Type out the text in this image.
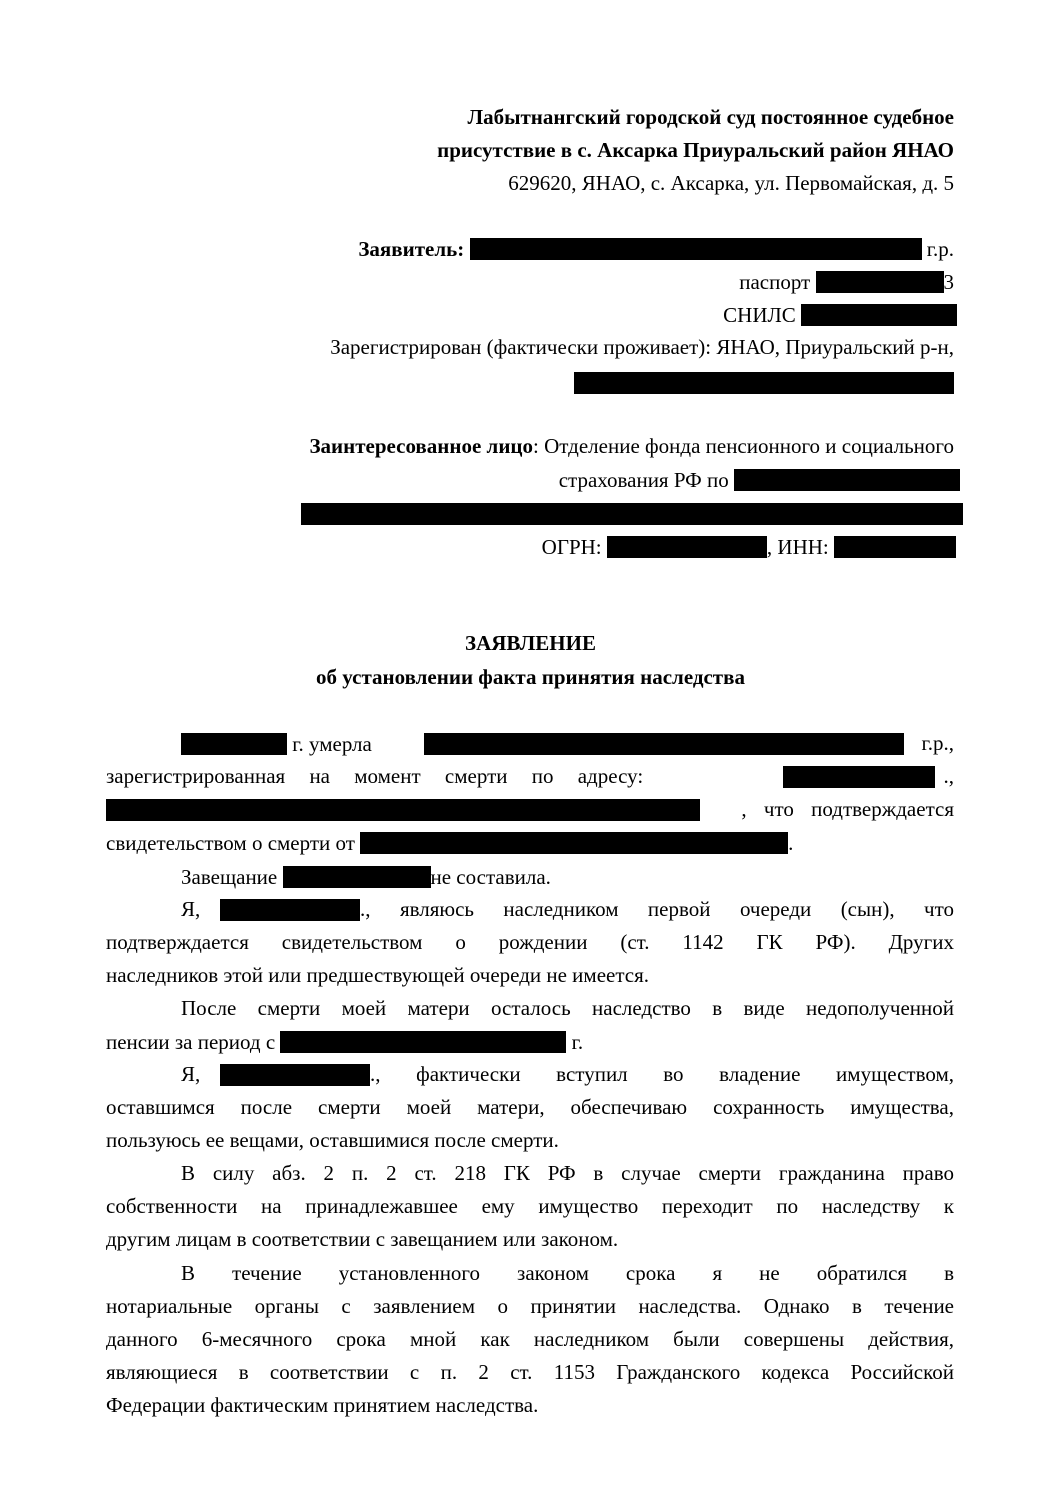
Лабытнангский городской суд постоянное судебное
присутствие в с. Аксарка Приуральский район ЯНАО
629620, ЯНАО, с. Аксарка, ул. Первомайская, д. 5
Заявитель:	г.р.
паспорт	3
СНИЛС
Зарегистрирован (фактически проживает): ЯНАО, Приуральский р-н,
Заинтересованное лицо: Отделение фонда пенсионного и социального
страхования РФ по
ОГРН:	, ИНН:
ЗАЯВЛЕНИЕ
об установлении факта принятия наследства
г. умерла	г.р.,
зарегистрированная на момент смерти по адресу:	.,
, что подтверждается
свидетельством о смерти от	.
Завещание	не составила.
Я,	., являюсь наследником первой очереди (сын), что
подтверждается свидетельством о рождении (ст. 1142 ГК РФ). Других
наследников этой или предшествующей очереди не имеется.
После смерти моей матери осталось наследство в виде недополученной
пенсии за период с	г.
Я,	., фактически вступил во владение имуществом,
оставшимся после смерти моей матери, обеспечиваю сохранность имущества,
пользуюсь ее вещами, оставшимися после смерти.
В силу абз. 2 п. 2 ст. 218 ГК РФ в случае смерти гражданина право
собственности на принадлежавшее ему имущество переходит по наследству к
другим лицам в соответствии с завещанием или законом.
В течение установленного законом срока я не обратился в
нотариальные органы с заявлением о принятии наследства. Однако в течение
данного 6-месячного срока мной как наследником были совершены действия,
являющиеся в соответствии с п. 2 ст. 1153 Гражданского кодекса Российской
Федерации фактическим принятием наследства.
